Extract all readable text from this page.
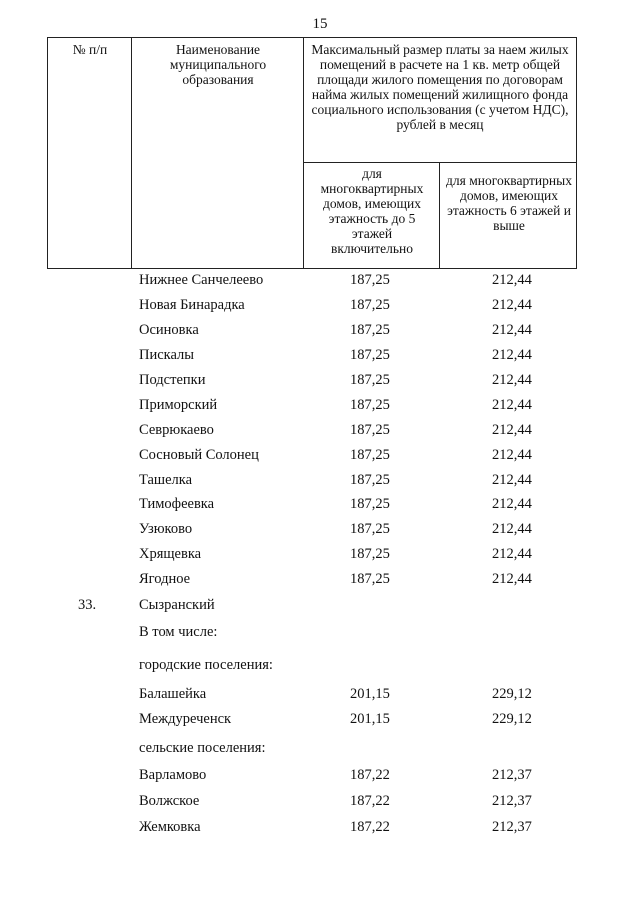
15
№ п/п	Наименование муниципального образования
Максимальный размер платы за наем жилых помещений в расчете на 1 кв. метр общей площади жилого помещения по договорам найма жилых помещений жилищного фонда социального использования (с учетом НДС), рублей в месяц
для многоквартирных домов, имеющих этажность до 5 этажей включительно
для многоквартирных домов, имеющих этажность 6 этажей и выше
Нижнее Санчелеево	187,25	212,44
Новая Бинарадка	187,25	212,44
Осиновка	187,25	212,44
Пискалы	187,25	212,44
Подстепки	187,25	212,44
Приморский	187,25	212,44
Севрюкаево	187,25	212,44
Сосновый Солонец	187,25	212,44
Ташелка	187,25	212,44
Тимофеевка	187,25	212,44
Узюково	187,25	212,44
Хрящевка	187,25	212,44
Ягодное	187,25	212,44
33.	Сызранский
В том числе:
городские поселения:
Балашейка	201,15	229,12
Междуреченск	201,15	229,12
сельские поселения:
Варламово	187,22	212,37
Волжское	187,22	212,37
Жемковка	187,22	212,37
